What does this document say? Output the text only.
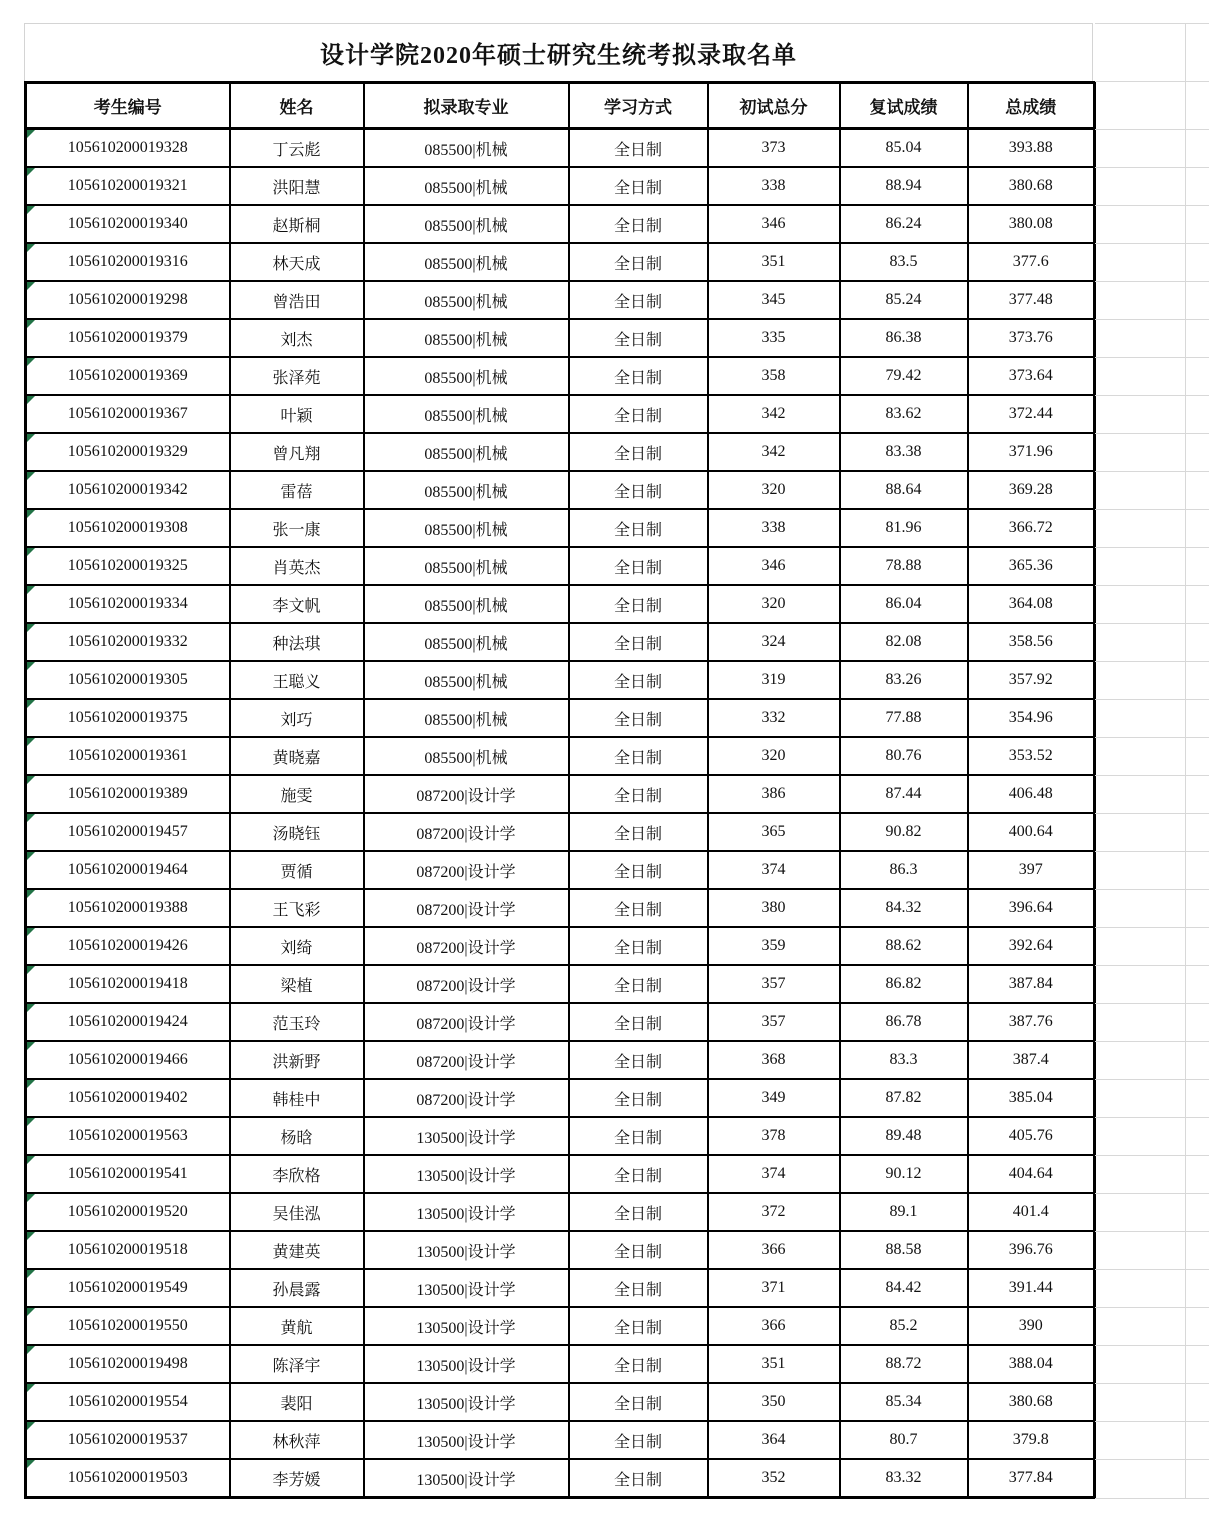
设计学院2020年硕士研究生统考拟录取名单
考生编号	姓名	拟录取专业	学习方式	初试总分	复试成绩	总成绩

105610200019328	丁云彪	085500|机械	全日制	373	85.04	393.88

105610200019321	洪阳慧	085500|机械	全日制	338	88.94	380.68

105610200019340	赵斯桐	085500|机械	全日制	346	86.24	380.08

105610200019316	林天成	085500|机械	全日制	351	83.5	377.6

105610200019298	曾浩田	085500|机械	全日制	345	85.24	377.48

105610200019379	刘杰	085500|机械	全日制	335	86.38	373.76

105610200019369	张泽苑	085500|机械	全日制	358	79.42	373.64

105610200019367	叶颖	085500|机械	全日制	342	83.62	372.44

105610200019329	曾凡翔	085500|机械	全日制	342	83.38	371.96

105610200019342	雷蓓	085500|机械	全日制	320	88.64	369.28

105610200019308	张一康	085500|机械	全日制	338	81.96	366.72

105610200019325	肖英杰	085500|机械	全日制	346	78.88	365.36

105610200019334	李文帆	085500|机械	全日制	320	86.04	364.08

105610200019332	种法琪	085500|机械	全日制	324	82.08	358.56

105610200019305	王聪义	085500|机械	全日制	319	83.26	357.92

105610200019375	刘巧	085500|机械	全日制	332	77.88	354.96

105610200019361	黄晓嘉	085500|机械	全日制	320	80.76	353.52

105610200019389	施雯	087200|设计学	全日制	386	87.44	406.48

105610200019457	汤晓钰	087200|设计学	全日制	365	90.82	400.64

105610200019464	贾循	087200|设计学	全日制	374	86.3	397

105610200019388	王飞彩	087200|设计学	全日制	380	84.32	396.64

105610200019426	刘绮	087200|设计学	全日制	359	88.62	392.64

105610200019418	梁植	087200|设计学	全日制	357	86.82	387.84

105610200019424	范玉玲	087200|设计学	全日制	357	86.78	387.76

105610200019466	洪新野	087200|设计学	全日制	368	83.3	387.4

105610200019402	韩桂中	087200|设计学	全日制	349	87.82	385.04

105610200019563	杨晗	130500|设计学	全日制	378	89.48	405.76

105610200019541	李欣格	130500|设计学	全日制	374	90.12	404.64

105610200019520	吴佳泓	130500|设计学	全日制	372	89.1	401.4

105610200019518	黄建英	130500|设计学	全日制	366	88.58	396.76

105610200019549	孙晨露	130500|设计学	全日制	371	84.42	391.44

105610200019550	黄航	130500|设计学	全日制	366	85.2	390

105610200019498	陈泽宇	130500|设计学	全日制	351	88.72	388.04

105610200019554	裴阳	130500|设计学	全日制	350	85.34	380.68

105610200019537	林秋萍	130500|设计学	全日制	364	80.7	379.8

105610200019503	李芳媛	130500|设计学	全日制	352	83.32	377.84
